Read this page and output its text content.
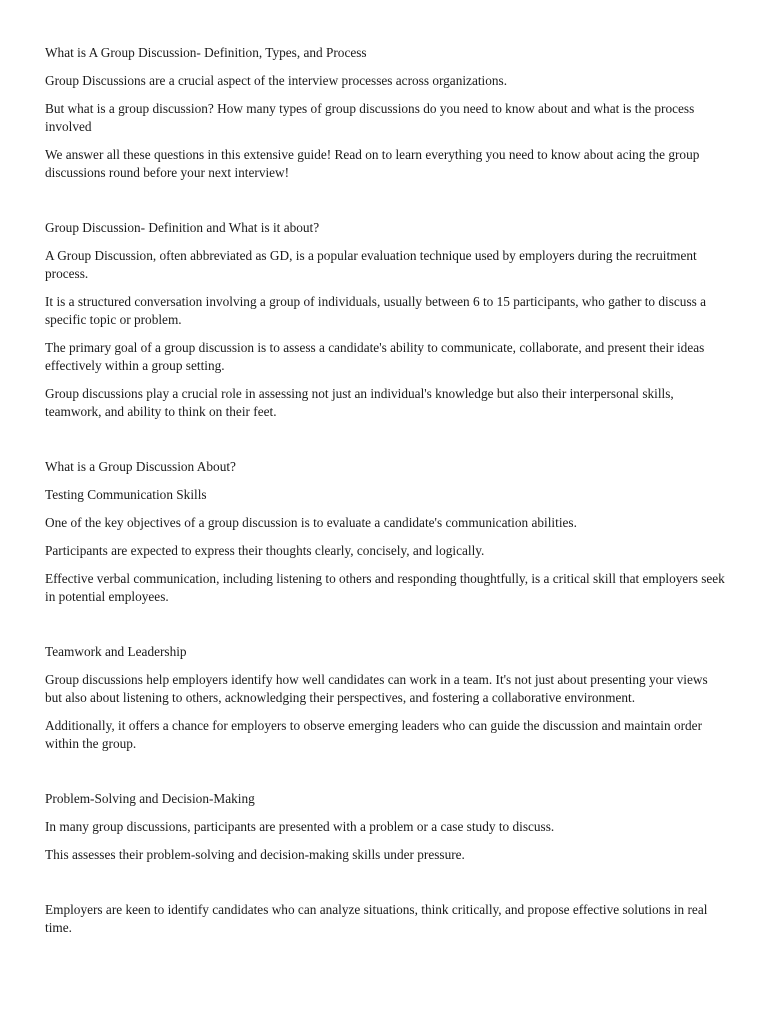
What is A Group Discussion- Definition, Types, and Process

Group Discussions are a crucial aspect of the interview processes across organizations.

But what is a group discussion? How many types of group discussions do you need to know about and what is the process involved

We answer all these questions in this extensive guide! Read on to learn everything you need to know about acing the group discussions round before your next interview!

Group Discussion- Definition and What is it about?

A Group Discussion, often abbreviated as GD, is a popular evaluation technique used by employers during the recruitment process.

It is a structured conversation involving a group of individuals, usually between 6 to 15 participants, who gather to discuss a specific topic or problem.

The primary goal of a group discussion is to assess a candidate's ability to communicate, collaborate, and present their ideas effectively within a group setting.

Group discussions play a crucial role in assessing not just an individual's knowledge but also their interpersonal skills, teamwork, and ability to think on their feet.

What is a Group Discussion About?

Testing Communication Skills

One of the key objectives of a group discussion is to evaluate a candidate's communication abilities.

Participants are expected to express their thoughts clearly, concisely, and logically.

Effective verbal communication, including listening to others and responding thoughtfully, is a critical skill that employers seek in potential employees.

Teamwork and Leadership

Group discussions help employers identify how well candidates can work in a team. It's not just about presenting your views but also about listening to others, acknowledging their perspectives, and fostering a collaborative environment.

Additionally, it offers a chance for employers to observe emerging leaders who can guide the discussion and maintain order within the group.

Problem-Solving and Decision-Making

In many group discussions, participants are presented with a problem or a case study to discuss.

This assesses their problem-solving and decision-making skills under pressure.

Employers are keen to identify candidates who can analyze situations, think critically, and propose effective solutions in real time.
